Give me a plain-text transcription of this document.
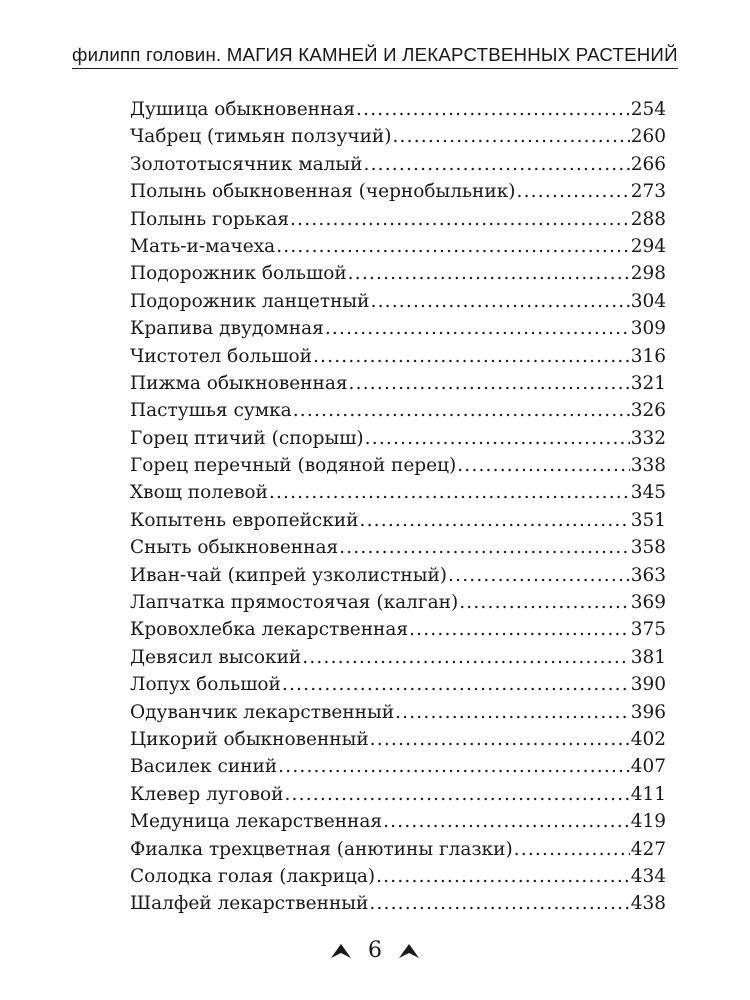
филипп головин. МАГИЯ КАМНЕЙ И ЛЕКАРСТВЕННЫХ РАСТЕНИЙ
Душица обыкновенная .....	254
Чабрец (тимьян ползучий) .....	260
Золототысячник малый .....	266
Полынь обыкновенная (чернобыльник) .....	273
Полынь горькая .....	288
Мать-и-мачеха .....	294
Подорожник большой .....	298
Подорожник ланцетный .....	304
Крапива двудомная .....	309
Чистотел большой .....	316
Пижма обыкновенная .....	321
Пастушья сумка .....	326
Горец птичий (спорыш) .....	332
Горец перечный (водяной перец) .....	338
Хвощ полевой .....	345
Копытень европейский .....	351
Сныть обыкновенная .....	358
Иван-чай (кипрей узколистный) .....	363
Лапчатка прямостоячая (калган) .....	369
Кровохлебка лекарственная .....	375
Девясил высокий .....	381
Лопух большой .....	390
Одуванчик лекарственный .....	396
Цикорий обыкновенный .....	402
Василек синий .....	407
Клевер луговой .....	411
Медуница лекарственная .....	419
Фиалка трехцветная (анютины глазки) .....	427
Солодка голая (лакрица) .....	434
Шалфей лекарственный .....	438
6
